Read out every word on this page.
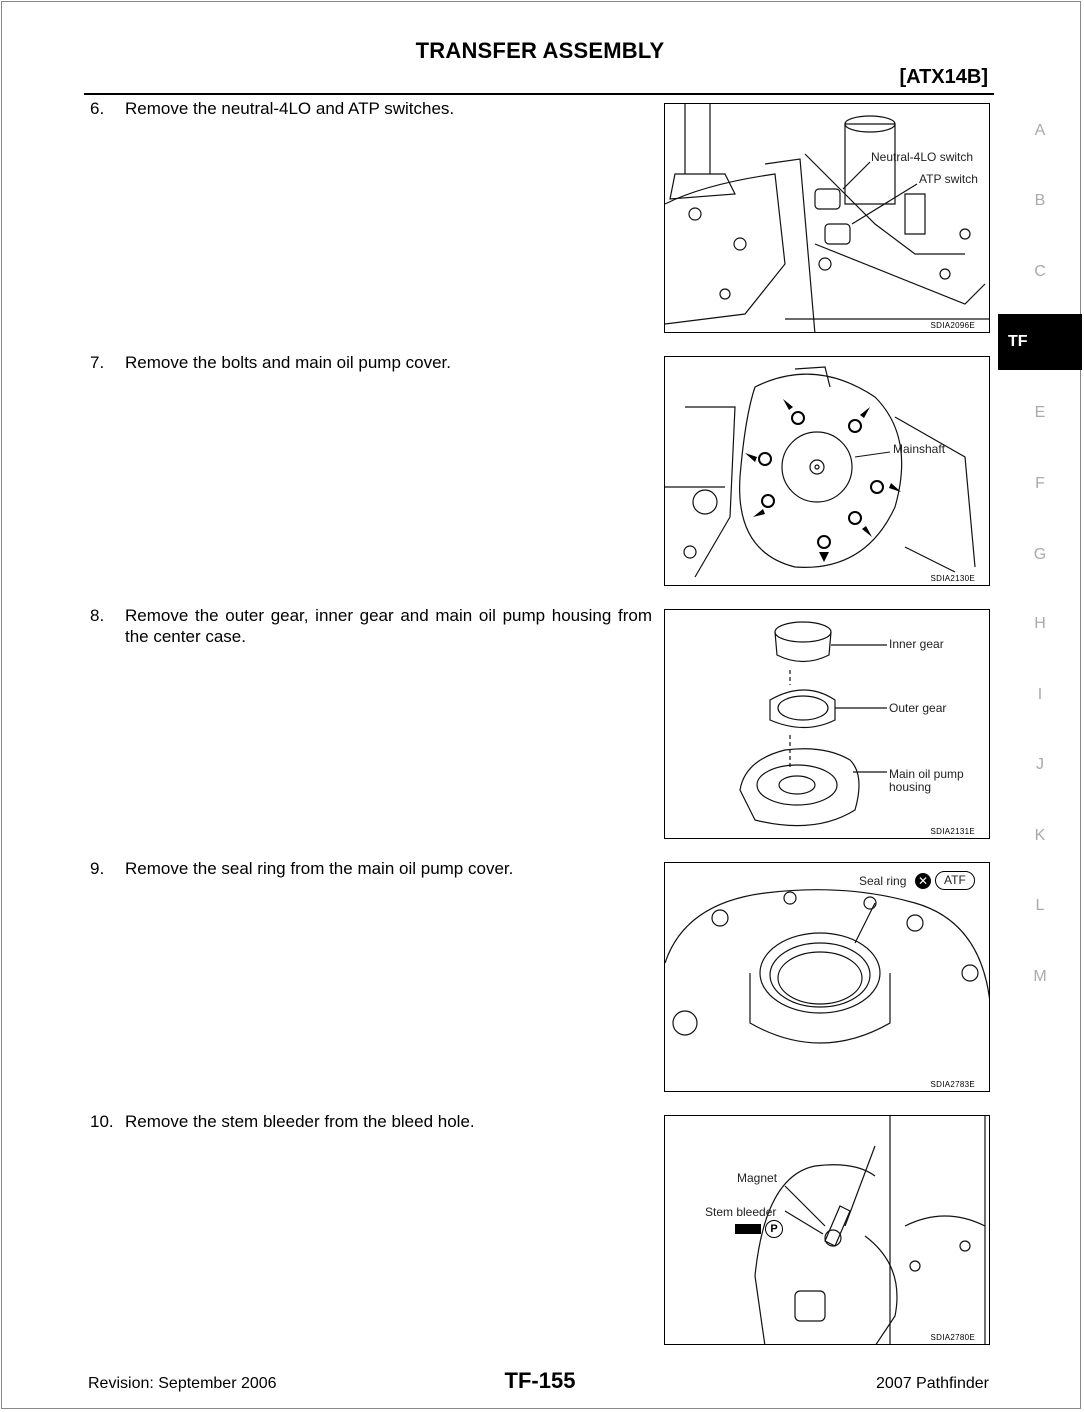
TRANSFER ASSEMBLY
[ATX14B]
6. Remove the neutral-4LO and ATP switches.
Neutral-4LO switch
ATP switch
SDIA2096E
7. Remove the bolts and main oil pump cover.
Mainshaft
SDIA2130E
8. Remove the outer gear, inner gear and main oil pump housing from the center case.	Inner gear
Outer gear
Main oil pump housing
SDIA2131E
9. Remove the seal ring from the main oil pump cover.
Seal ring ✕	ATF
SDIA2783E
10. Remove the stem bleeder from the bleed hole.
Magnet
Stem bleeder
P
SDIA2780E
A
B
C
TF
E
F
G
H
I
J
K
L
M
Revision: September 2006	TF-155	2007 Pathfinder
